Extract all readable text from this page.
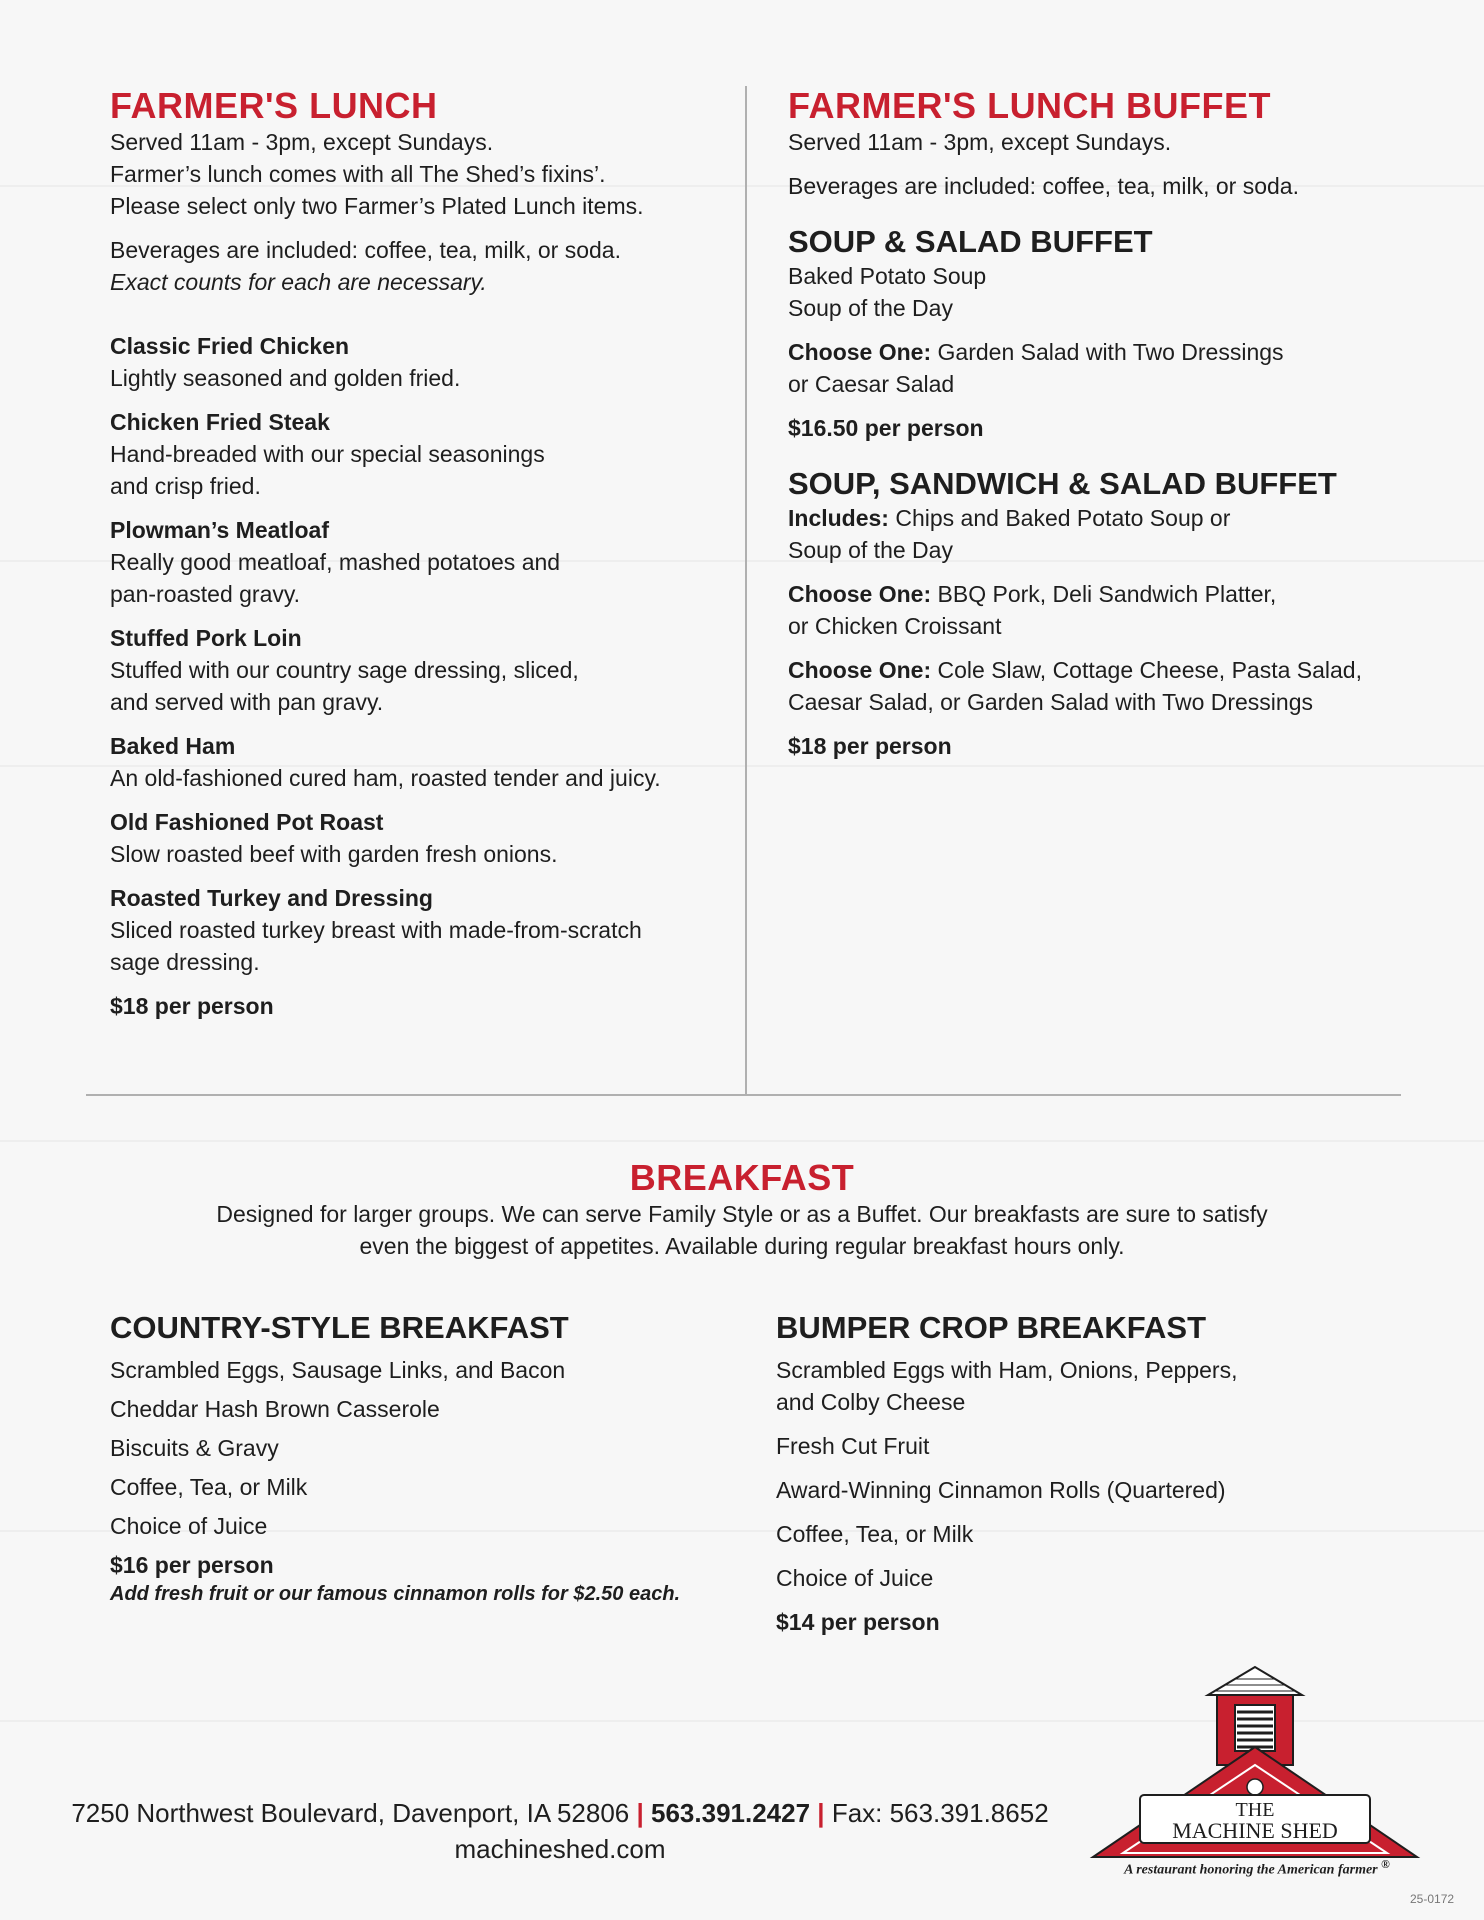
FARMER'S LUNCH

Served 11am - 3pm, except Sundays.

Farmer’s lunch comes with all The Shed’s fixins’.

Please select only two Farmer’s Plated Lunch items.

Beverages are included: coffee, tea, milk, or soda.

Exact counts for each are necessary.

Classic Fried Chicken

Lightly seasoned and golden fried.

Chicken Fried Steak

Hand-breaded with our special seasonings

and crisp fried.

Plowman’s Meatloaf

Really good meatloaf, mashed potatoes and

pan-roasted gravy.

Stuffed Pork Loin

Stuffed with our country sage dressing, sliced,

and served with pan gravy.

Baked Ham

An old-fashioned cured ham, roasted tender and juicy.

Old Fashioned Pot Roast

Slow roasted beef with garden fresh onions.

Roasted Turkey and Dressing

Sliced roasted turkey breast with made-from-scratch

sage dressing.

$18 per person

FARMER'S LUNCH BUFFET

Served 11am - 3pm, except Sundays.

Beverages are included: coffee, tea, milk, or soda.

SOUP & SALAD BUFFET

Baked Potato Soup

Soup of the Day

Choose One: Garden Salad with Two Dressings

or Caesar Salad

$16.50 per person

SOUP, SANDWICH & SALAD BUFFET

Includes: Chips and Baked Potato Soup or

Soup of the Day

Choose One: BBQ Pork, Deli Sandwich Platter,

or Chicken Croissant

Choose One: Cole Slaw, Cottage Cheese, Pasta Salad,

Caesar Salad, or Garden Salad with Two Dressings

$18 per person

BREAKFAST

Designed for larger groups. We can serve Family Style or as a Buffet. Our breakfasts are sure to satisfy

even the biggest of appetites. Available during regular breakfast hours only.

COUNTRY-STYLE BREAKFAST

Scrambled Eggs, Sausage Links, and Bacon

Cheddar Hash Brown Casserole

Biscuits & Gravy

Coffee, Tea, or Milk

Choice of Juice

$16 per person

Add fresh fruit or our famous cinnamon rolls for $2.50 each.

BUMPER CROP BREAKFAST

Scrambled Eggs with Ham, Onions, Peppers,

and Colby Cheese

Fresh Cut Fruit

Award-Winning Cinnamon Rolls (Quartered)

Coffee, Tea, or Milk

Choice of Juice

$14 per person

7250 Northwest Boulevard, Davenport, IA 52806 | 563.391.2427 | Fax: 563.391.8652
machineshed.com
THE
MACHINE SHED
A restaurant honoring the American farmer ®
25-0172
